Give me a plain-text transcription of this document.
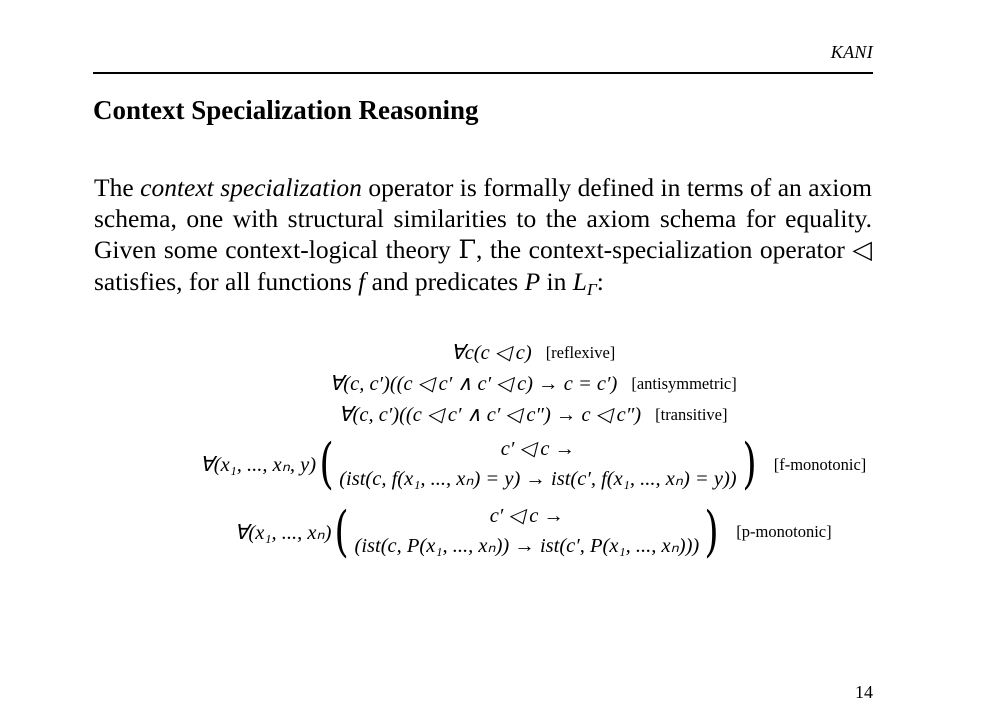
KANI
Context Specialization Reasoning
The context specialization operator is formally defined in terms of an axiom schema, one with structural similarities to the axiom schema for equality. Given some context-logical theory Γ, the context-specialization operator ◁ satisfies, for all functions f and predicates P in $L_\Gamma$:
∀c(c ◁ c) [reflexive]
∀(c, c′)((c ◁ c′ ∧ c′ ◁ c) → c = c′) [antisymmetric]
∀(c, c′)((c ◁ c′ ∧ c′ ◁ c″) → c ◁ c″) [transitive]
∀(x₁, ..., xₙ, y) (	c′ ◁ c →
(ist(c, f(x₁, ..., xₙ) = y) → ist(c′, f(x₁, ..., xₙ) = y)) ) [f-monotonic]
∀(x₁, ..., xₙ) (	c′ ◁ c →
(ist(c, P(x₁, ..., xₙ)) → ist(c′, P(x₁, ..., xₙ))) ) [p-monotonic]
14
